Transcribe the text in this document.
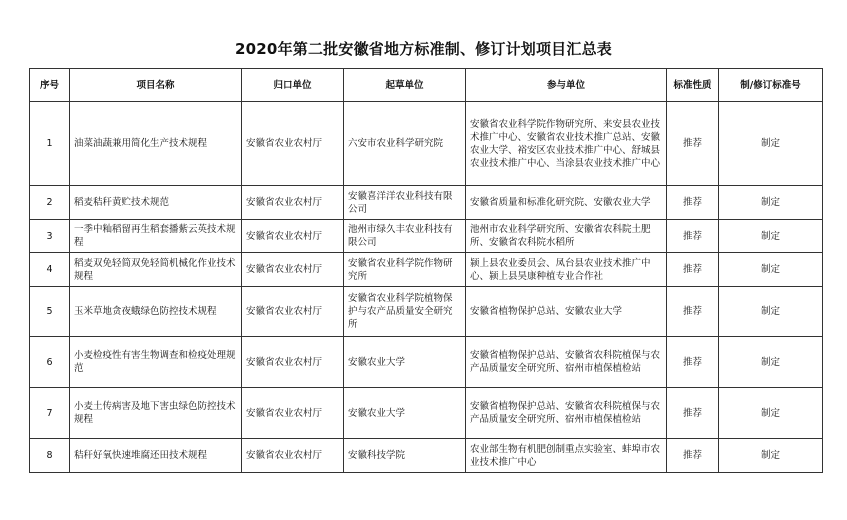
2020年第二批安徽省地方标准制、修订计划项目汇总表
序号	项目名称	归口单位	起草单位	参与单位	标准性质	制/修订标准号
1	油菜油蔬兼用简化生产技术规程	安徽省农业农村厅	六安市农业科学研究院	安徽省农业科学院作物研究所、来安县农业技术推广中心、安徽省农业技术推广总站、安徽农业大学、裕安区农业技术推广中心、舒城县农业技术推广中心、当涂县农业技术推广中心	推荐	制定
2	稻麦秸秆黄贮技术规范	安徽省农业农村厅	安徽喜洋洋农业科技有限公司	安徽省质量和标准化研究院、安徽农业大学	推荐	制定
3	一季中籼稻留再生稻套播紫云英技术规程	安徽省农业农村厅	池州市绿久丰农业科技有限公司	池州市农业科学研究所、安徽省农科院土肥所、安徽省农科院水稻所	推荐	制定
4	稻麦双免轻简双免轻简机械化作业技术规程	安徽省农业农村厅	安徽省农业科学院作物研究所	颍上县农业委员会、凤台县农业技术推广中心、颍上县昊康种植专业合作社	推荐	制定
5	玉米草地贪夜蛾绿色防控技术规程	安徽省农业农村厅	安徽省农业科学院植物保护与农产品质量安全研究所	安徽省植物保护总站、安徽农业大学	推荐	制定
6	小麦检疫性有害生物调查和检疫处理规范	安徽省农业农村厅	安徽农业大学	安徽省植物保护总站、安徽省农科院植保与农产品质量安全研究所、宿州市植保植检站	推荐	制定
7	小麦土传病害及地下害虫绿色防控技术规程	安徽省农业农村厅	安徽农业大学	安徽省植物保护总站、安徽省农科院植保与农产品质量安全研究所、宿州市植保植检站	推荐	制定
8	秸秆好氧快速堆腐还田技术规程	安徽省农业农村厅	安徽科技学院	农业部生物有机肥创制重点实验室、蚌埠市农业技术推广中心	推荐	制定
